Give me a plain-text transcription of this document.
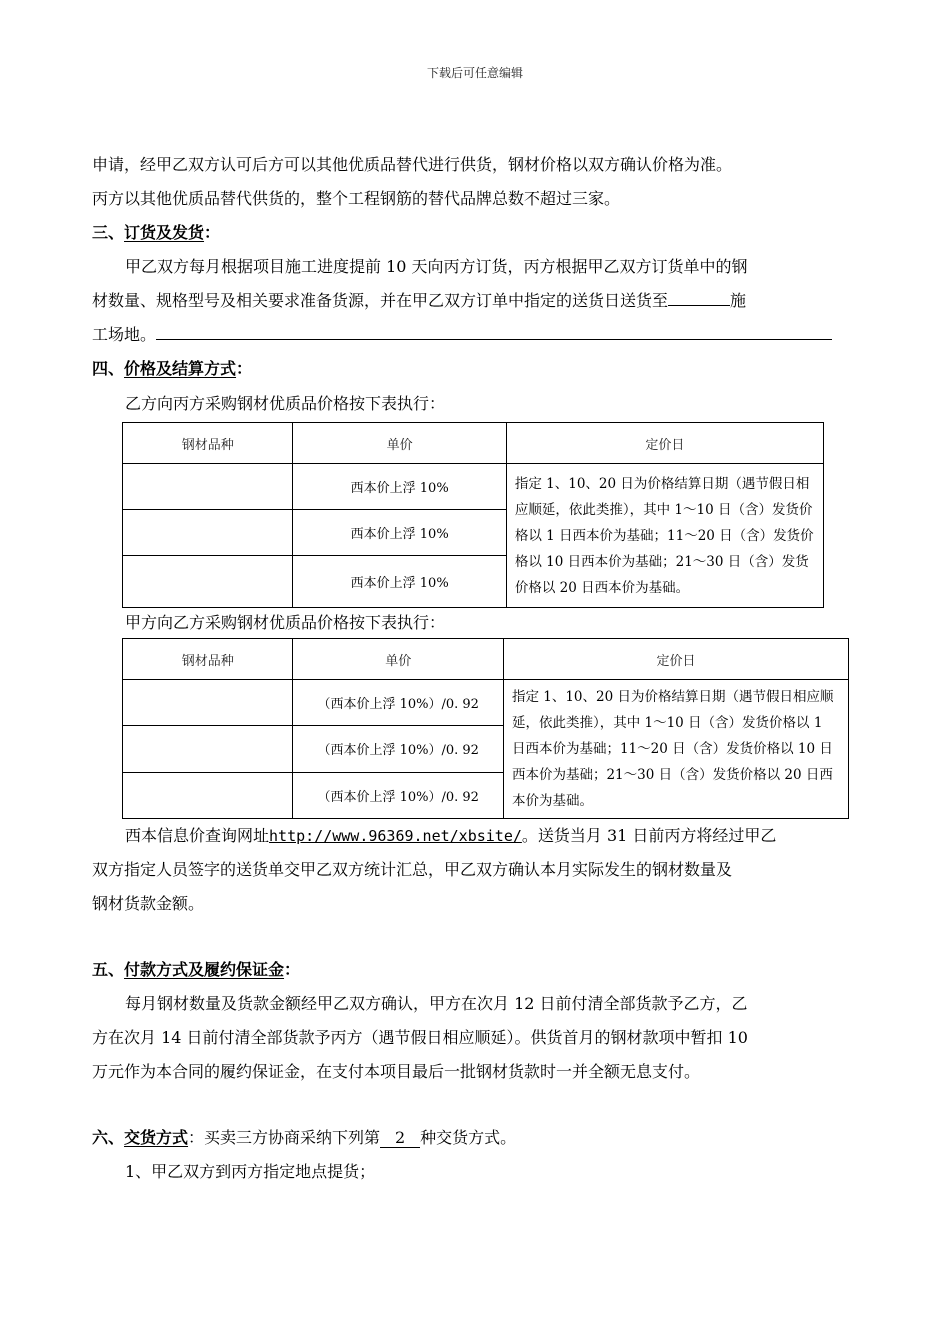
下载后可任意编辑

申请，经甲乙双方认可后方可以其他优质品替代进行供货，钢材价格以双方确认价格为准。

丙方以其他优质品替代供货的，整个工程钢筋的替代品牌总数不超过三家。

三、订货及发货：

甲乙双方每月根据项目施工进度提前 10 天向丙方订货，丙方根据甲乙双方订货单中的钢

材数量、规格型号及相关要求准备货源，并在甲乙双方订单中指定的送货日送货至	施

工场地。

四、价格及结算方式：

乙方向丙方采购钢材优质品价格按下表执行：

钢材品种	单价	定价日
	西本价上浮 10%	指定 1、10、20 日为价格结算日期（遇节假日相应顺延，依此类推），其中 1～10 日（含）发货价格以 1 日西本价为基础；11～20 日（含）发货价格以 10 日西本价为基础；21～30 日（含）发货价格以 20 日西本价为基础。
	西本价上浮 10%	
	西本价上浮 10%	

甲方向乙方采购钢材优质品价格按下表执行：

钢材品种	单价	定价日
	（西本价上浮 10%）/0. 92	指定 1、10、20 日为价格结算日期（遇节假日相应顺延，依此类推），其中 1～10 日（含）发货价格以 1 日西本价为基础；11～20 日（含）发货价格以 10 日西本价为基础；21～30 日（含）发货价格以 20 日西本价为基础。
	（西本价上浮 10%）/0. 92	
	（西本价上浮 10%）/0. 92	

西本信息价查询网址http://www.96369.net/xbsite/。送货当月 31 日前丙方将经过甲乙

双方指定人员签字的送货单交甲乙双方统计汇总，甲乙双方确认本月实际发生的钢材数量及

钢材货款金额。

五、付款方式及履约保证金：

每月钢材数量及货款金额经甲乙双方确认，甲方在次月 12 日前付清全部货款予乙方，乙

方在次月 14 日前付清全部货款予丙方（遇节假日相应顺延）。供货首月的钢材款项中暂扣 10

万元作为本合同的履约保证金，在支付本项目最后一批钢材货款时一并全额无息支付。

六、交货方式：买卖三方协商采纳下列第 2 种交货方式。

1、甲乙双方到丙方指定地点提货；
